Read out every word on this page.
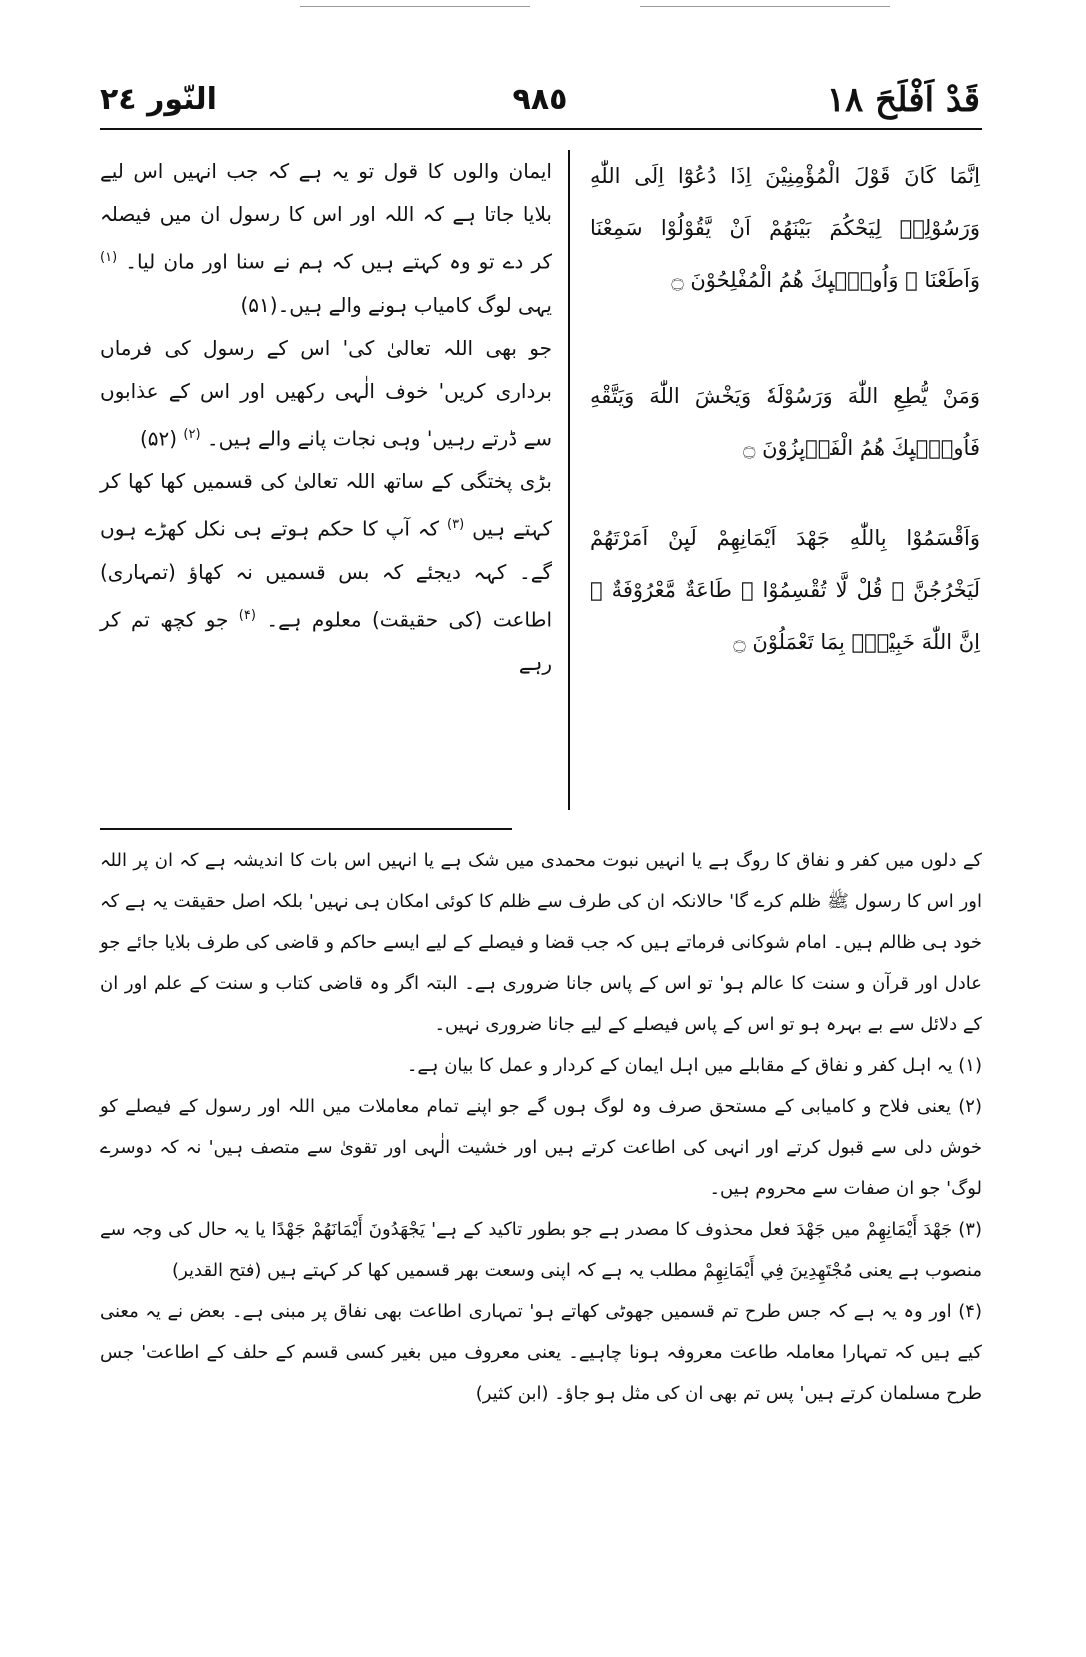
قَدْ اَفْلَحَ ١٨
٩٨٥
النّور ٢٤

اِنَّمَا كَانَ قَوْلَ الْمُؤْمِنِيْنَ اِذَا دُعُوْٓا اِلَى اللّٰهِ وَرَسُوْلِهٖ لِيَحْكُمَ بَيْنَهُمْ اَنْ يَّقُوْلُوْا سَمِعْنَا وَاَطَعْنَا ۭ وَاُولٰۗىِٕكَ هُمُ الْمُفْلِحُوْنَ ۝

وَمَنْ يُّطِعِ اللّٰهَ وَرَسُوْلَهٗ وَيَخْشَ اللّٰهَ وَيَتَّقْهِ فَاُولٰۗىِٕكَ هُمُ الْفَاۗىِٕزُوْنَ ۝

وَاَقْسَمُوْا بِاللّٰهِ جَهْدَ اَيْمَانِهِمْ لَىِٕنْ اَمَرْتَهُمْ لَيَخْرُجُنَّ ۭ قُلْ لَّا تُقْسِمُوْا ۚ طَاعَةٌ مَّعْرُوْفَةٌ ۭ اِنَّ اللّٰهَ خَبِيْرٌۢ بِمَا تَعْمَلُوْنَ ۝

ایمان والوں کا قول تو یہ ہے کہ جب انہیں اس لیے بلایا جاتا ہے کہ اللہ اور اس کا رسول ان میں فیصلہ کر دے تو وہ کہتے ہیں کہ ہم نے سنا اور مان لیا۔ $^{(۱)}$ یہی لوگ کامیاب ہونے والے ہیں۔(۵۱)

جو بھی اللہ تعالیٰ کی' اس کے رسول کی فرماں برداری کریں' خوف الٰہی رکھیں اور اس کے عذابوں سے ڈرتے رہیں' وہی نجات پانے والے ہیں۔ $^{(۲)}$ (۵۲)

بڑی پختگی کے ساتھ اللہ تعالیٰ کی قسمیں کھا کھا کر کہتے ہیں $^{(۳)}$ کہ آپ کا حکم ہوتے ہی نکل کھڑے ہوں گے۔ کہہ دیجئے کہ بس قسمیں نہ کھاؤ (تمہاری) اطاعت (کی حقیقت) معلوم ہے۔ $^{(۴)}$ جو کچھ تم کر رہے

کے دلوں میں کفر و نفاق کا روگ ہے یا انہیں نبوت محمدی میں شک ہے یا انہیں اس بات کا اندیشہ ہے کہ ان پر اللہ اور اس کا رسول ﷺ ظلم کرے گا' حالانکہ ان کی طرف سے ظلم کا کوئی امکان ہی نہیں' بلکہ اصل حقیقت یہ ہے کہ خود ہی ظالم ہیں۔ امام شوکانی فرماتے ہیں کہ جب قضا و فیصلے کے لیے ایسے حاکم و قاضی کی طرف بلایا جائے جو عادل اور قرآن و سنت کا عالم ہو' تو اس کے پاس جانا ضروری ہے۔ البتہ اگر وہ قاضی کتاب و سنت کے علم اور ان کے دلائل سے بے بہرہ ہو تو اس کے پاس فیصلے کے لیے جانا ضروری نہیں۔

(۱) یہ اہل کفر و نفاق کے مقابلے میں اہل ایمان کے کردار و عمل کا بیان ہے۔

(۲) یعنی فلاح و کامیابی کے مستحق صرف وہ لوگ ہوں گے جو اپنے تمام معاملات میں اللہ اور رسول کے فیصلے کو خوش دلی سے قبول کرتے اور انہی کی اطاعت کرتے ہیں اور خشیت الٰہی اور تقویٰ سے متصف ہیں' نہ کہ دوسرے لوگ' جو ان صفات سے محروم ہیں۔

(۳) جَهْدَ أَيْمَانِهِمْ میں جَهْدَ فعل محذوف کا مصدر ہے جو بطور تاکید کے ہے' يَجْهَدُونَ أَيْمَانَهُمْ جَهْدًا یا یہ حال کی وجہ سے منصوب ہے یعنی مُجْتَهِدِينَ فِي أَيْمَانِهِمْ مطلب یہ ہے کہ اپنی وسعت بھر قسمیں کھا کر کہتے ہیں (فتح القدیر)

(۴) اور وہ یہ ہے کہ جس طرح تم قسمیں جھوٹی کھاتے ہو' تمہاری اطاعت بھی نفاق پر مبنی ہے۔ بعض نے یہ معنی کیے ہیں کہ تمہارا معاملہ طاعت معروفہ ہونا چاہیے۔ یعنی معروف میں بغیر کسی قسم کے حلف کے اطاعت' جس طرح مسلمان کرتے ہیں' پس تم بھی ان کی مثل ہو جاؤ۔ (ابن کثیر)
